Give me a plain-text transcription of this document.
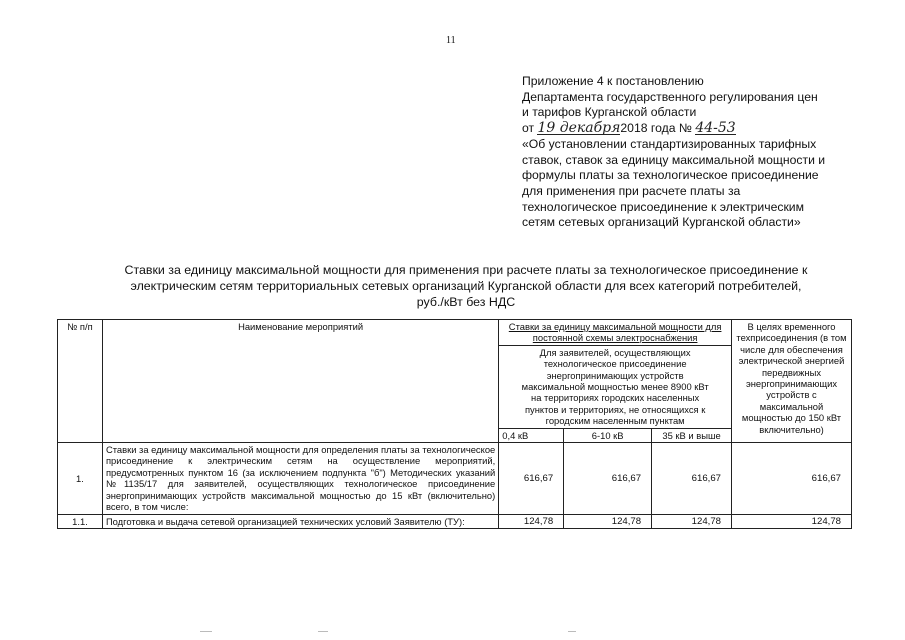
11
Приложение 4 к постановлению
Департамента государственного регулирования цен
и тарифов Курганской области
от 19 декабря2018 года № 44-53
«Об установлении стандартизированных тарифных
ставок, ставок за единицу максимальной мощности и
формулы платы за технологическое присоединение
для применения при расчете платы за
технологическое присоединение к электрическим
сетям сетевых организаций Курганской области»
Ставки за единицу максимальной мощности для применения при расчете платы за технологическое присоединение к
электрическим сетям территориальных сетевых организаций Курганской области для всех категорий потребителей,
руб./кВт без НДС
№ п/п	Наименование мероприятий	Ставки за единицу максимальной мощности для постоянной схемы электроснабжения			В целях временного техприсоединения (в том числе для обеспечения электрической энергией передвижных энергопринимающих устройств с максимальной мощностью до 150 кВт включительно)
		Для заявителей, осуществляющих технологическое присоединение энергопринимающих устройств максимальной мощностью менее 8900 кВт на территориях городских населенных пунктов и территориях, не относящихся к городским населенным пунктам			
		0,4 кВ	6-10 кВ	35 кВ и выше	
1.	Ставки за единицу максимальной мощности для определения платы за технологическое присоединение к электрическим сетям на осуществление мероприятий, предусмотренных пунктом 16 (за исключением подпункта "б") Методических указаний №1135/17 для заявителей, осуществляющих технологическое присоединение энергопринимающих устройств максимальной мощностью до 15 кВт (включительно) всего, в том числе:	616,67	616,67	616,67	616,67
1.1.	Подготовка и выдача сетевой организацией технических условий Заявителю (ТУ):	124,78	124,78	124,78	124,78
